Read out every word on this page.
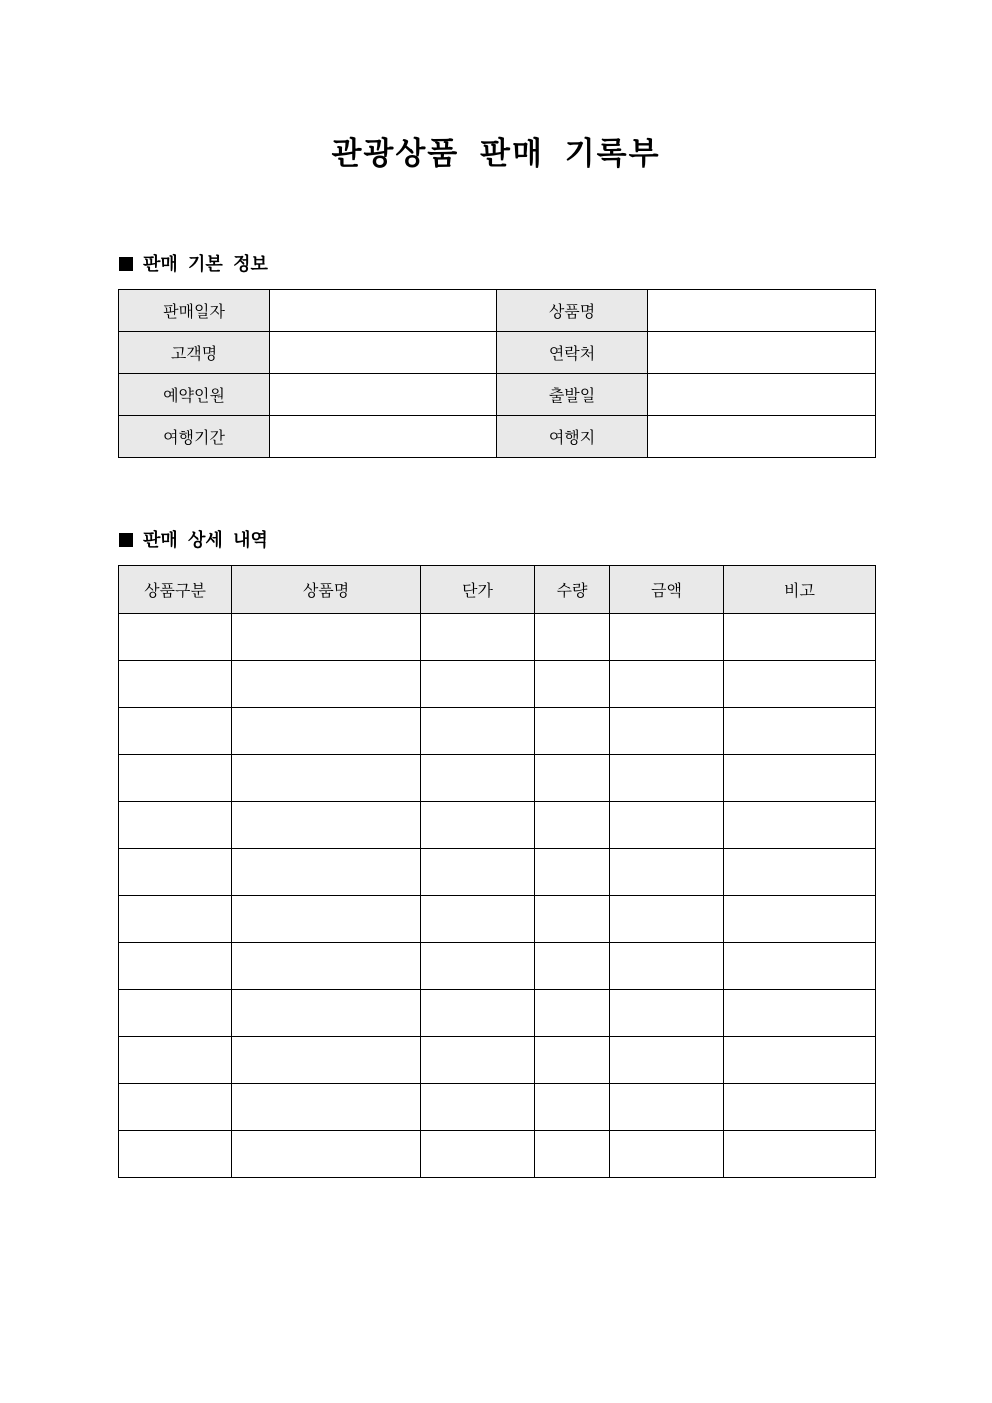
관광상품 판매 기록부
판매 기본 정보
판매일자		상품명	
고객명		연락처	
예약인원		출발일	
여행기간		여행지	
판매 상세 내역
상품구분	상품명	단가	수량	금액	비고
